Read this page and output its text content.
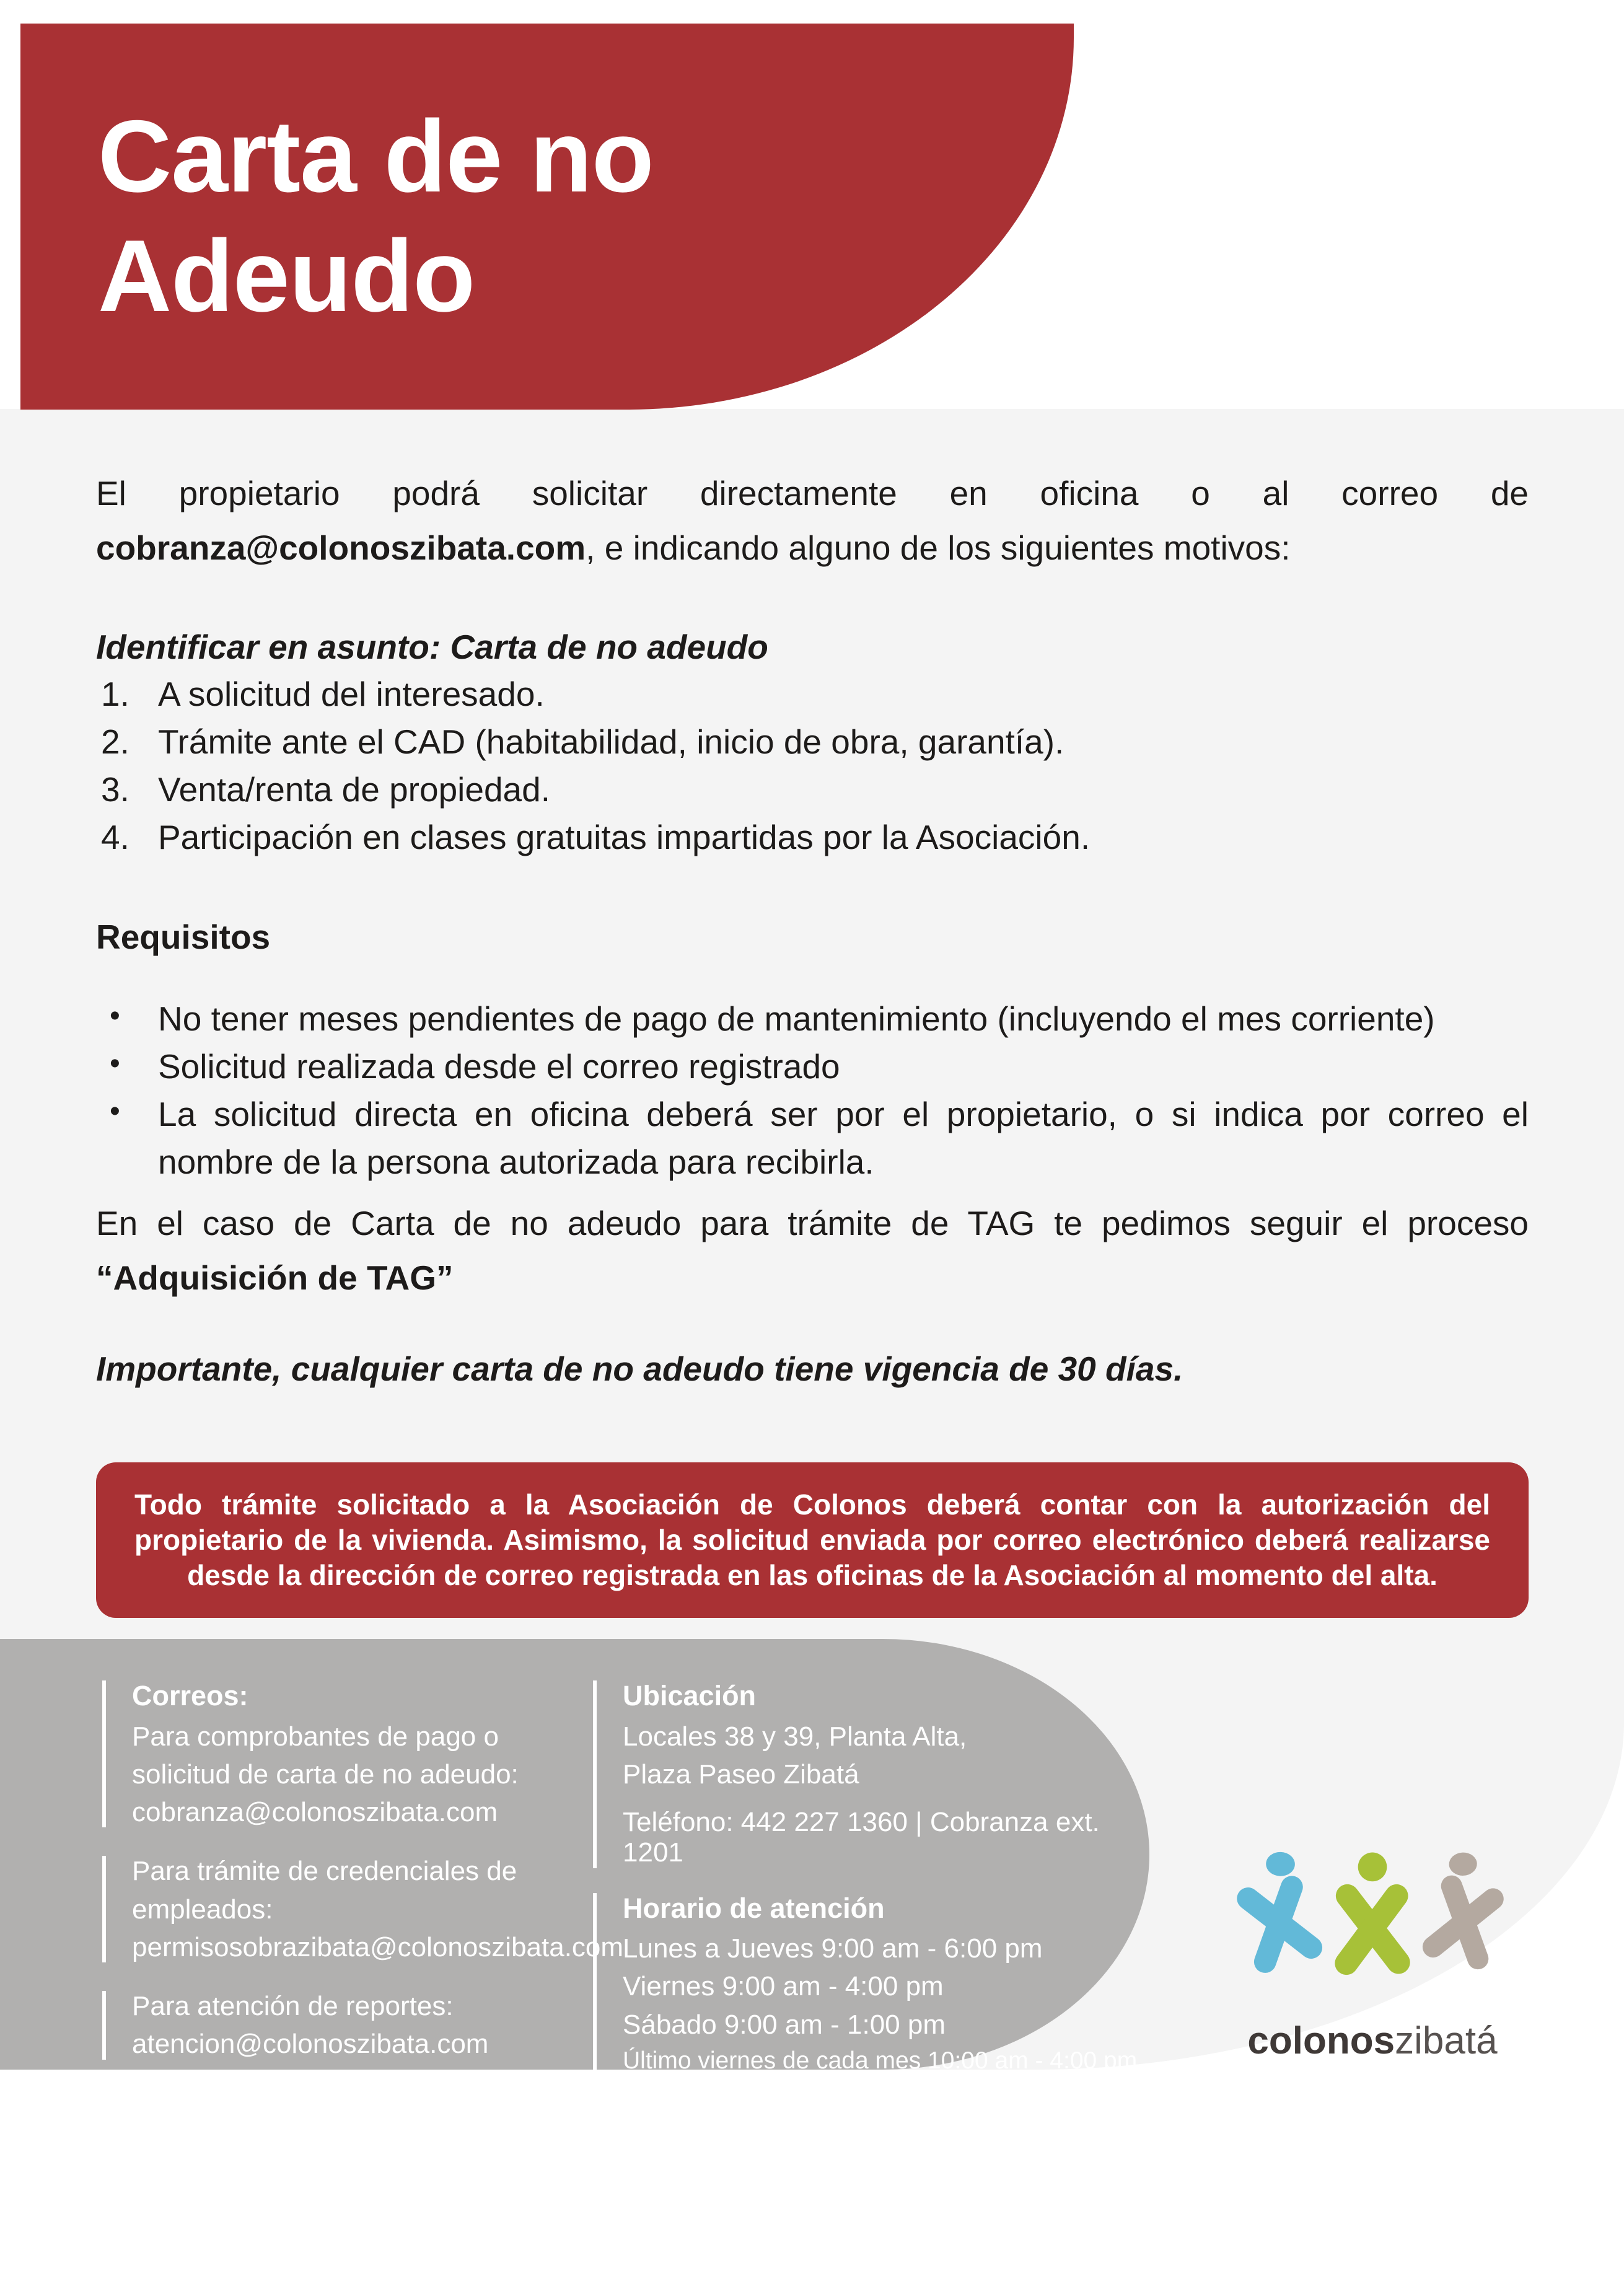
Carta de no
Adeudo

El propietario podrá solicitar directamente en oficina o al correo de cobranza@colonoszibata.com, e indicando alguno de los siguientes motivos:

Identificar en asunto: Carta de no adeudo

A solicitud del interesado.
Trámite ante el CAD (habitabilidad, inicio de obra, garantía).
Venta/renta de propiedad.
Participación en clases gratuitas impartidas por la Asociación.

Requisitos

• No tener meses pendientes de pago de mantenimiento (incluyendo el mes corriente)
• Solicitud realizada desde el correo registrado
• La solicitud directa en oficina deberá ser por el propietario, o si indica por correo el nombre de la persona autorizada para recibirla.

En el caso de Carta de no adeudo para trámite de TAG te pedimos seguir el proceso “Adquisición de TAG”

Importante, cualquier carta de no adeudo tiene vigencia de 30 días.

Todo trámite solicitado a la Asociación de Colonos deberá contar con la autorización del propietario de la vivienda. Asimismo, la solicitud enviada por correo electrónico deberá realizarse desde la dirección de correo registrada en las oficinas de la Asociación al momento del alta.

Correos:

Para comprobantes de pago o

solicitud de carta de no adeudo:

cobranza@colonoszibata.com

Para trámite de credenciales de

empleados:

permisosobrazibata@colonoszibata.com

Para atención de reportes:

atencion@colonoszibata.com

Para solicitud de autorización de

mudanza: contacto@colonoszibata.com

Ubicación

Locales 38 y 39, Planta Alta,

Plaza Paseo Zibatá

Teléfono: 442 227 1360 | Cobranza ext. 1201

Horario de atención

Lunes a Jueves 9:00 am - 6:00 pm

Viernes 9:00 am - 4:00 pm

Sábado 9:00 am - 1:00 pm

Último viernes de cada mes 10:00 am - 4:00 pm

WhatsApp

Cobranza: 442 680 0364

App Zibatá: 442 342 1807

Comunicación: 442 467 2596

colonoszibatá
